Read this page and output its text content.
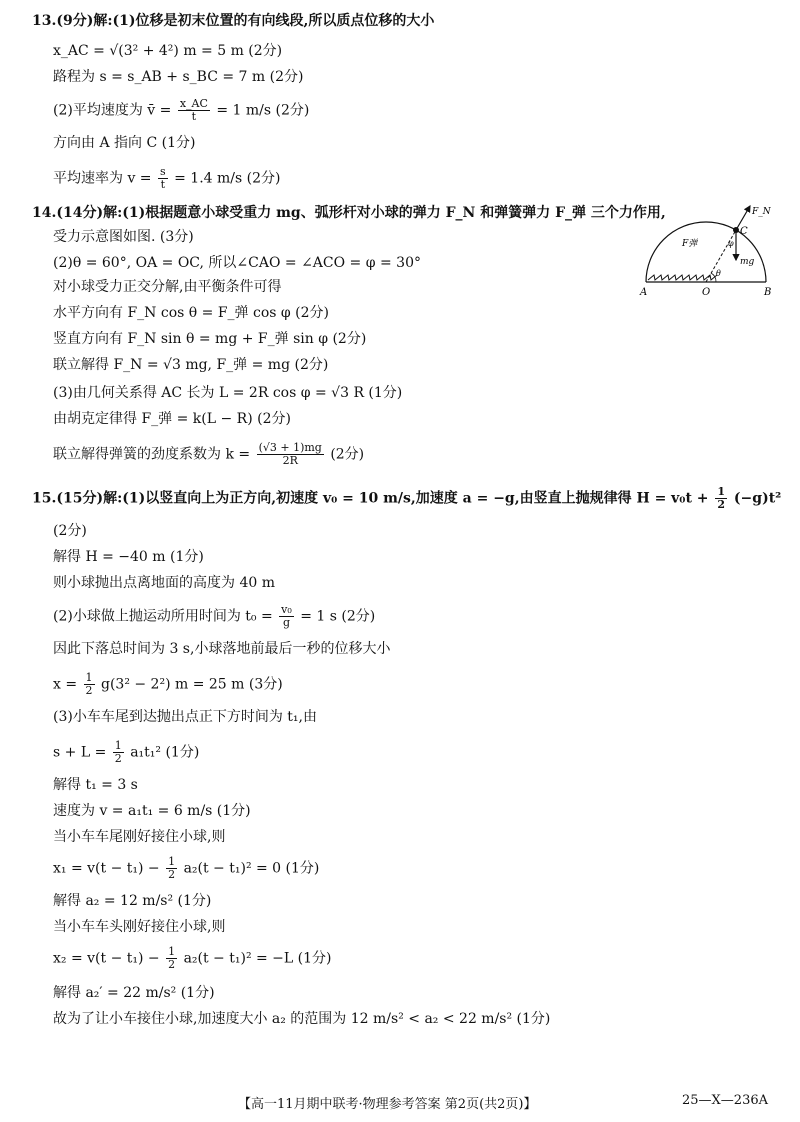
13.(9分)解:(1)位移是初末位置的有向线段,所以质点位移的大小
x_AC = √(3² + 4²) m = 5 m (2分)
路程为 s = s_AB + s_BC = 7 m (2分)
(2)平均速度为 v̄ = $\frac{x\_AC}{t} = 1$ m/s (2分)
方向由 A 指向 C (1分)
平均速率为 $v = \frac{s}{t} = 1.4$ m/s (2分)
14.(14分)解:(1)根据题意小球受重力 mg、弧形杆对小球的弹力 F_N 和弹簧弹力 F_弹 三个力作用,
受力示意图如图. (3分)
(2)θ = 60°, OA = OC, 所以∠CAO = ∠ACO = φ = 30°
对小球受力正交分解,由平衡条件可得
水平方向有 F_N cos θ = F_弹 cos φ (2分)
竖直方向有 F_N sin θ = mg + F_弹 sin φ (2分)
联立解得 F_N = √3 mg, F_弹 = mg (2分)
(3)由几何关系得 AC 长为 L = 2R cos φ = √3 R (1分)
由胡克定律得 F_弹 = k(L − R) (2分)
联立解得弹簧的劲度系数为 $k = \frac{(√3 + 1)mg}{2R} (2$分)
A	O	B
C
F_N
F弹
mg
θ
φ
15.(15分)解:(1)以竖直向上为正方向,初速度 v₀ = 10 m/s,加速度 a = −g,由竖直上抛规律得 $H = v_0t + \frac{1}{2} (-g)t^2$
(2分)
解得 H = −40 m (1分)
则小球抛出点离地面的高度为 40 m
(2)小球做上抛运动所用时间为 $t_0 = \frac{\text{v₀}}{g} = 1$ s (2分)
因此下落总时间为 3 s,小球落地前最后一秒的位移大小
$x = \frac{1}{2} g(3^2 - 2^2) m = 25$ m (3分)
(3)小车车尾到达抛出点正下方时间为 t₁,由
$s + L = \frac{1}{2} a_1t_1^2$ (1分)
解得 t₁ = 3 s
速度为 v = a₁t₁ = 6 m/s (1分)
当小车车尾刚好接住小球,则
$x_1 = v(t - t_1) - \frac{1}{2} a_2(t - t_1)^2 = 0$ (1分)
解得 a₂ = 12 m/s² (1分)
当小车车头刚好接住小球,则
$x_2 = v(t - t_1) - \frac{1}{2} a_2(t - t_1)^2 = -L$ (1分)
解得 a₂′ = 22 m/s² (1分)
故为了让小车接住小球,加速度大小 a₂ 的范围为 12 m/s² < a₂ < 22 m/s² (1分)
【高一11月期中联考·物理参考答案 第2页(共2页)】	25—X—236A
